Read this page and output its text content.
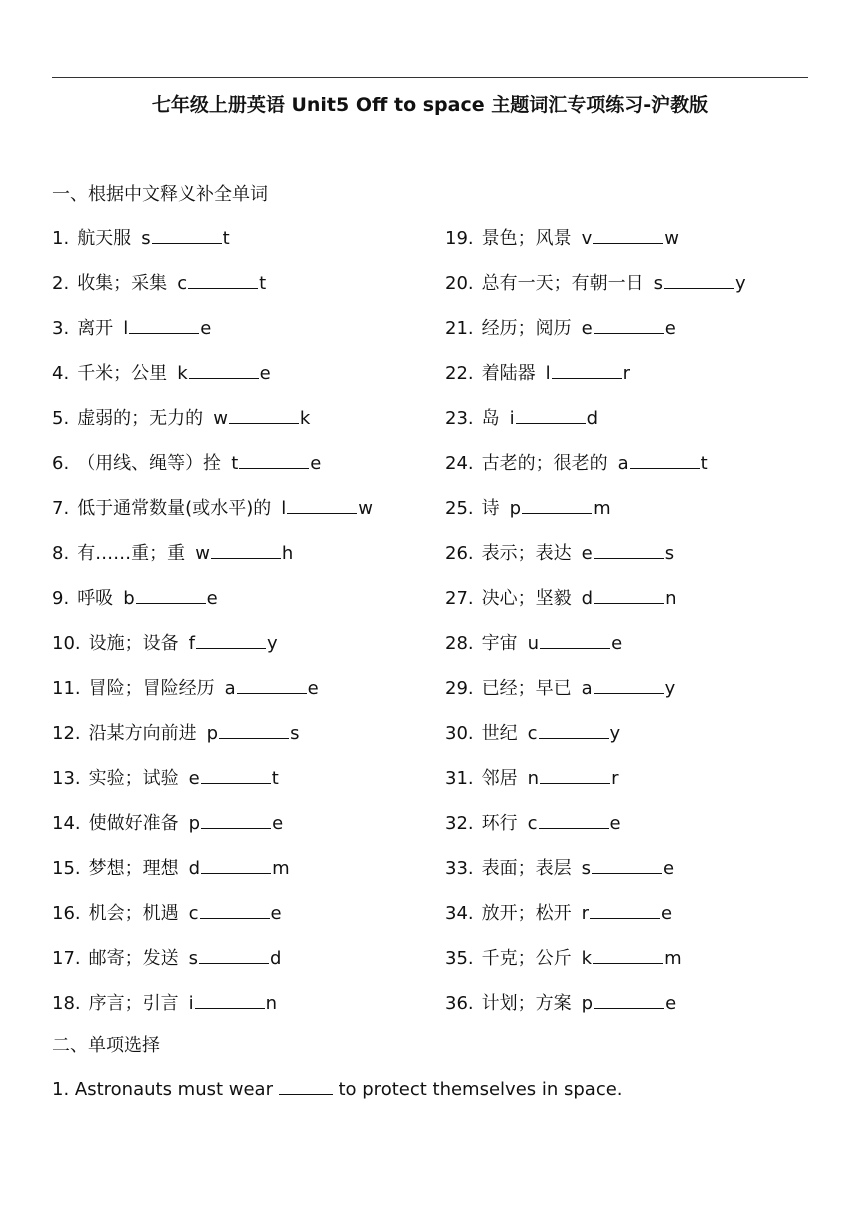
七年级上册英语 Unit5 Off to space 主题词汇专项练习-沪教版
一、根据中文释义补全单词
1. 航天服 s	t
2. 收集；采集 c	t
3. 离开 l	e
4. 千米；公里 k	e
5. 虚弱的；无力的 w	k
6. （用线、绳等）拴 t	e
7. 低于通常数量(或水平)的 l	w
8. 有……重；重 w	h
9. 呼吸 b	e
10. 设施；设备 f	y
11. 冒险；冒险经历 a	e
12. 沿某方向前进 p	s
13. 实验；试验 e	t
14. 使做好准备 p	e
15. 梦想；理想 d	m
16. 机会；机遇 c	e
17. 邮寄；发送 s	d
18. 序言；引言 i	n
19. 景色；风景 v	w
20. 总有一天；有朝一日 s	y
21. 经历；阅历 e	e
22. 着陆器 l	r
23. 岛 i	d
24. 古老的；很老的 a	t
25. 诗 p	m
26. 表示；表达 e	s
27. 决心；坚毅 d	n
28. 宇宙 u	e
29. 已经；早已 a	y
30. 世纪 c	y
31. 邻居 n	r
32. 环行 c	e
33. 表面；表层 s	e
34. 放开；松开 r	e
35. 千克；公斤 k	m
36. 计划；方案 p	e
二、单项选择
1. Astronauts must wear	to protect themselves in space.
